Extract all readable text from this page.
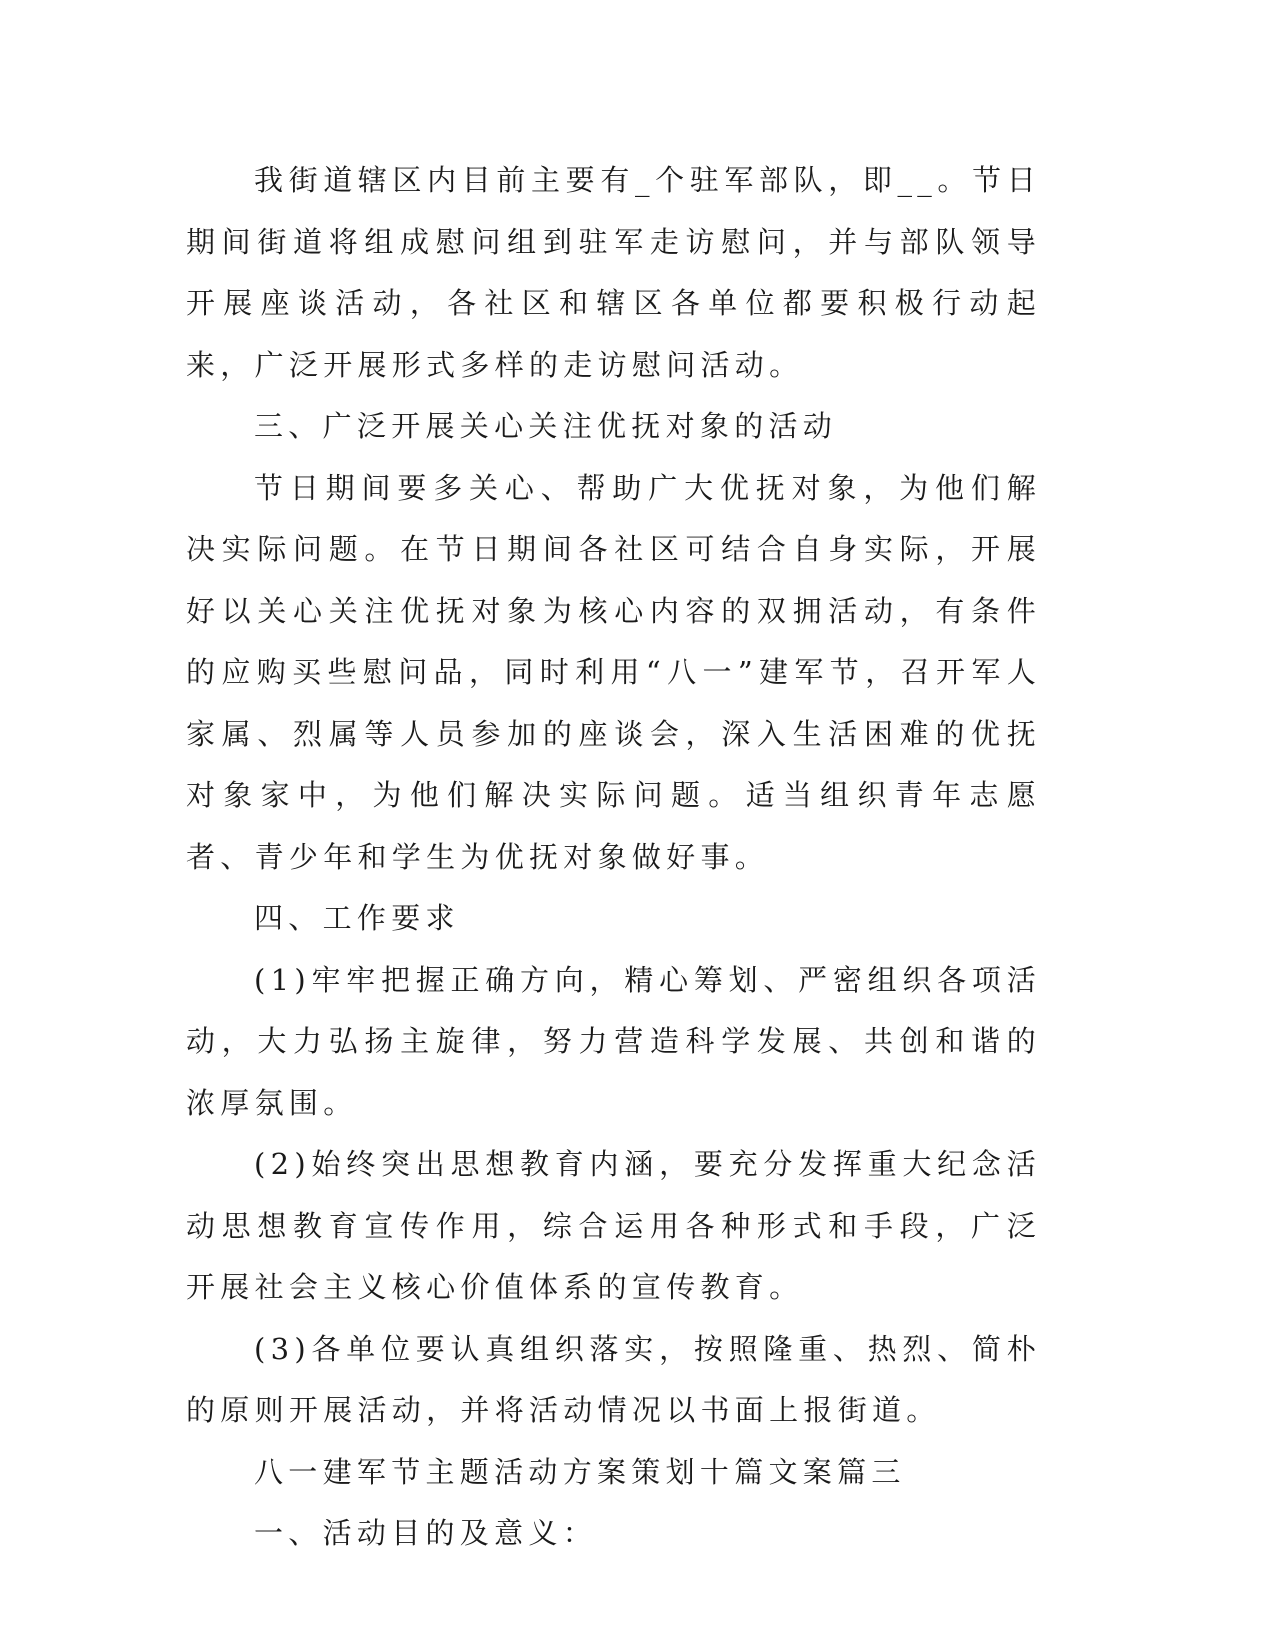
我街道辖区内目前主要有_个驻军部队，即__。节日期间街道将组成慰问组到驻军走访慰问，并与部队领导开展座谈活动，各社区和辖区各单位都要积极行动起来，广泛开展形式多样的走访慰问活动。

三、广泛开展关心关注优抚对象的活动

节日期间要多关心、帮助广大优抚对象，为他们解决实际问题。在节日期间各社区可结合自身实际，开展好以关心关注优抚对象为核心内容的双拥活动，有条件的应购买些慰问品，同时利用“八一”建军节，召开军人家属、烈属等人员参加的座谈会，深入生活困难的优抚对象家中，为他们解决实际问题。适当组织青年志愿者、青少年和学生为优抚对象做好事。

四、工作要求

(1)牢牢把握正确方向，精心筹划、严密组织各项活动，大力弘扬主旋律，努力营造科学发展、共创和谐的浓厚氛围。

(2)始终突出思想教育内涵，要充分发挥重大纪念活动思想教育宣传作用，综合运用各种形式和手段，广泛开展社会主义核心价值体系的宣传教育。

(3)各单位要认真组织落实，按照隆重、热烈、简朴的原则开展活动，并将活动情况以书面上报街道。

八一建军节主题活动方案策划十篇文案篇三

一、活动目的及意义：
